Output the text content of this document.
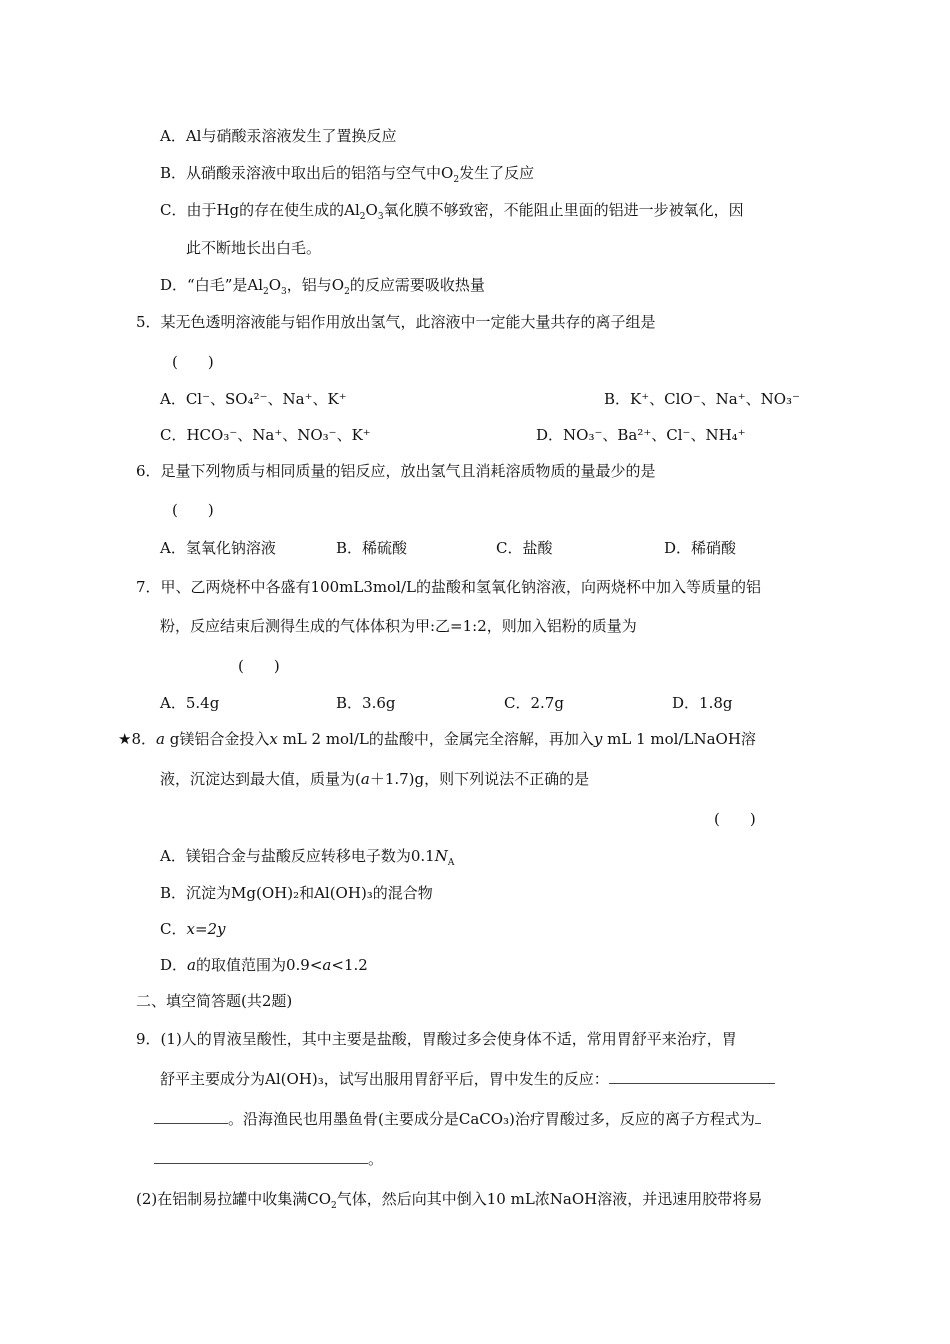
A．Al与硝酸汞溶液发生了置换反应
B．从硝酸汞溶液中取出后的铝箔与空气中$O_2$发生了反应
C．由于Hg的存在使生成的$Al_2O_3$氧化膜不够致密，不能阻止里面的铝进一步被氧化，因
此不断地长出白毛。
D．“白毛”是$Al_2O_3$，铝与$O_2$的反应需要吸收热量
5．某无色透明溶液能与铝作用放出氢气，此溶液中一定能大量共存的离子组是
(　　)
A．Cl⁻、SO₄²⁻、Na⁺、K⁺	B．K⁺、ClO⁻、Na⁺、NO₃⁻
C．HCO₃⁻、Na⁺、NO₃⁻、K⁺	D．NO₃⁻、Ba²⁺、Cl⁻、NH₄⁺
6．足量下列物质与相同质量的铝反应，放出氢气且消耗溶质物质的量最少的是
(　　)
A．氢氧化钠溶液	B．稀硫酸	C．盐酸	D．稀硝酸
7．甲、乙两烧杯中各盛有100mL3mol/L的盐酸和氢氧化钠溶液，向两烧杯中加入等质量的铝
粉，反应结束后测得生成的气体体积为甲:乙=1:2，则加入铝粉的质量为
(　　)
A．5.4g	B．3.6g	C．2.7g	D．1.8g
★8．a g镁铝合金投入x mL 2 mol/L的盐酸中，金属完全溶解，再加入y mL 1 mol/LNaOH溶
液，沉淀达到最大值，质量为(a＋1.7)g，则下列说法不正确的是
(　　)
A．镁铝合金与盐酸反应转移电子数为$0.1N_A$
B．沉淀为Mg(OH)₂和Al(OH)₃的混合物
C．x=2y
D．a的取值范围为0.9<a<1.2
二、填空简答题(共2题)
9．(1)人的胃液呈酸性，其中主要是盐酸，胃酸过多会使身体不适，常用胃舒平来治疗，胃
舒平主要成分为Al(OH)₃，试写出服用胃舒平后，胃中发生的反应：
。沿海渔民也用墨鱼骨(主要成分是CaCO₃)治疗胃酸过多，反应的离子方程式为
。
(2)在铝制易拉罐中收集满$CO_2$气体，然后向其中倒入10 mL浓NaOH溶液，并迅速用胶带将易
